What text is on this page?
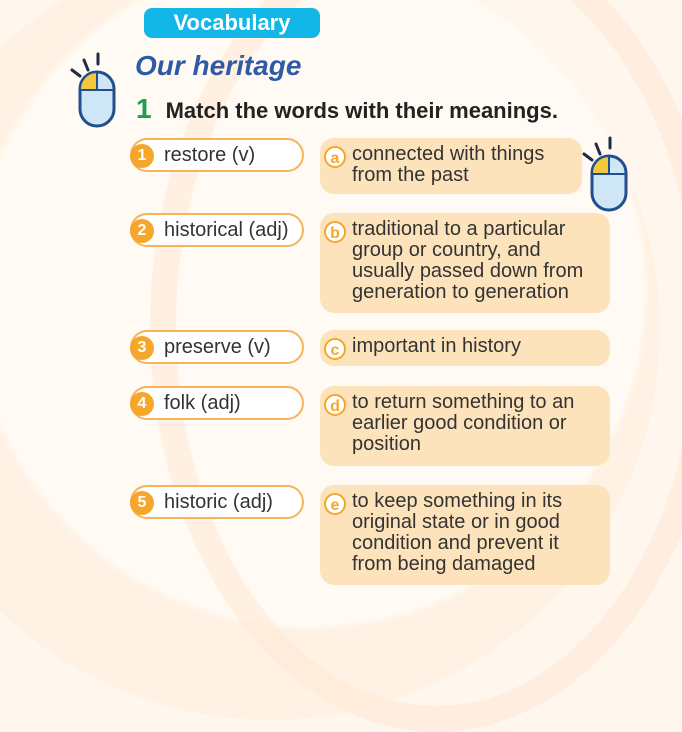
Vocabulary
Our heritage
1 Match the words with their meanings.
1 restore (v)
2 historical (adj)
3 preserve (v)
4 folk (adj)
5 historic (adj)
a connected with things from the past
b traditional to a particular group or country, and usually passed down from generation to generation
c important in history
d to return something to an earlier good condition or position
e to keep something in its original state or in good condition and prevent it from being damaged
